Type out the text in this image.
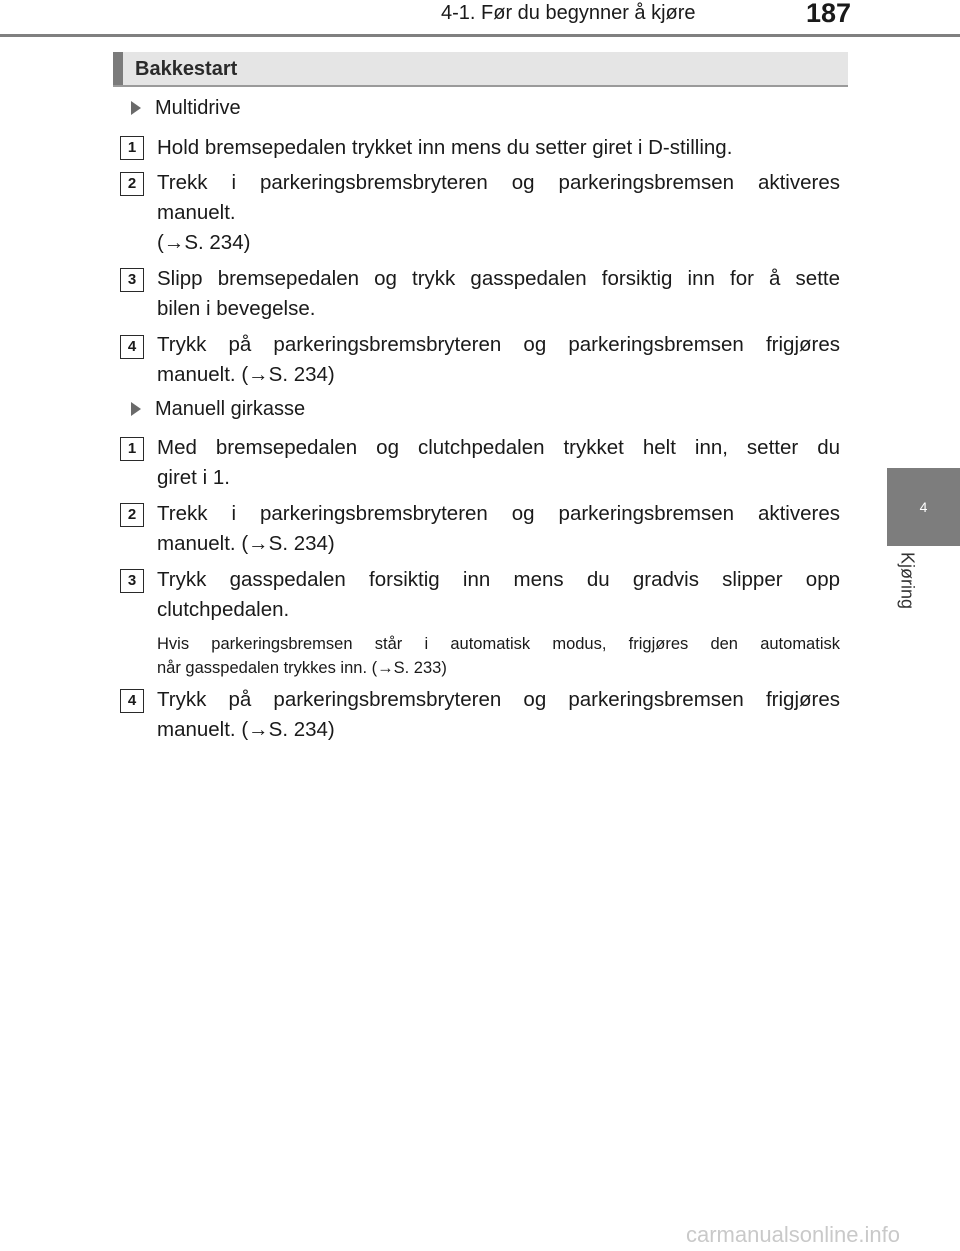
4-1. Før du begynner å kjøre	187
4
Kjøring
Bakkestart
Multidrive
1	Hold bremsepedalen trykket inn mens du setter giret i D-stilling.
2	Trekk i parkeringsbremsbryteren og parkeringsbremsen aktiveres
manuelt.
(→S. 234)
3	Slipp bremsepedalen og trykk gasspedalen forsiktig inn for å sette
bilen i bevegelse.
4	Trykk på parkeringsbremsbryteren og parkeringsbremsen frigjøres
manuelt. (→S. 234)
Manuell girkasse
1	Med bremsepedalen og clutchpedalen trykket helt inn, setter du
giret i 1.
2	Trekk i parkeringsbremsbryteren og parkeringsbremsen aktiveres
manuelt. (→S. 234)
3	Trykk gasspedalen forsiktig inn mens du gradvis slipper opp
clutchpedalen.
Hvis parkeringsbremsen står i automatisk modus, frigjøres den automatisk
når gasspedalen trykkes inn. (→S. 233)
4	Trykk på parkeringsbremsbryteren og parkeringsbremsen frigjøres
manuelt. (→S. 234)
carmanualsonline.info
